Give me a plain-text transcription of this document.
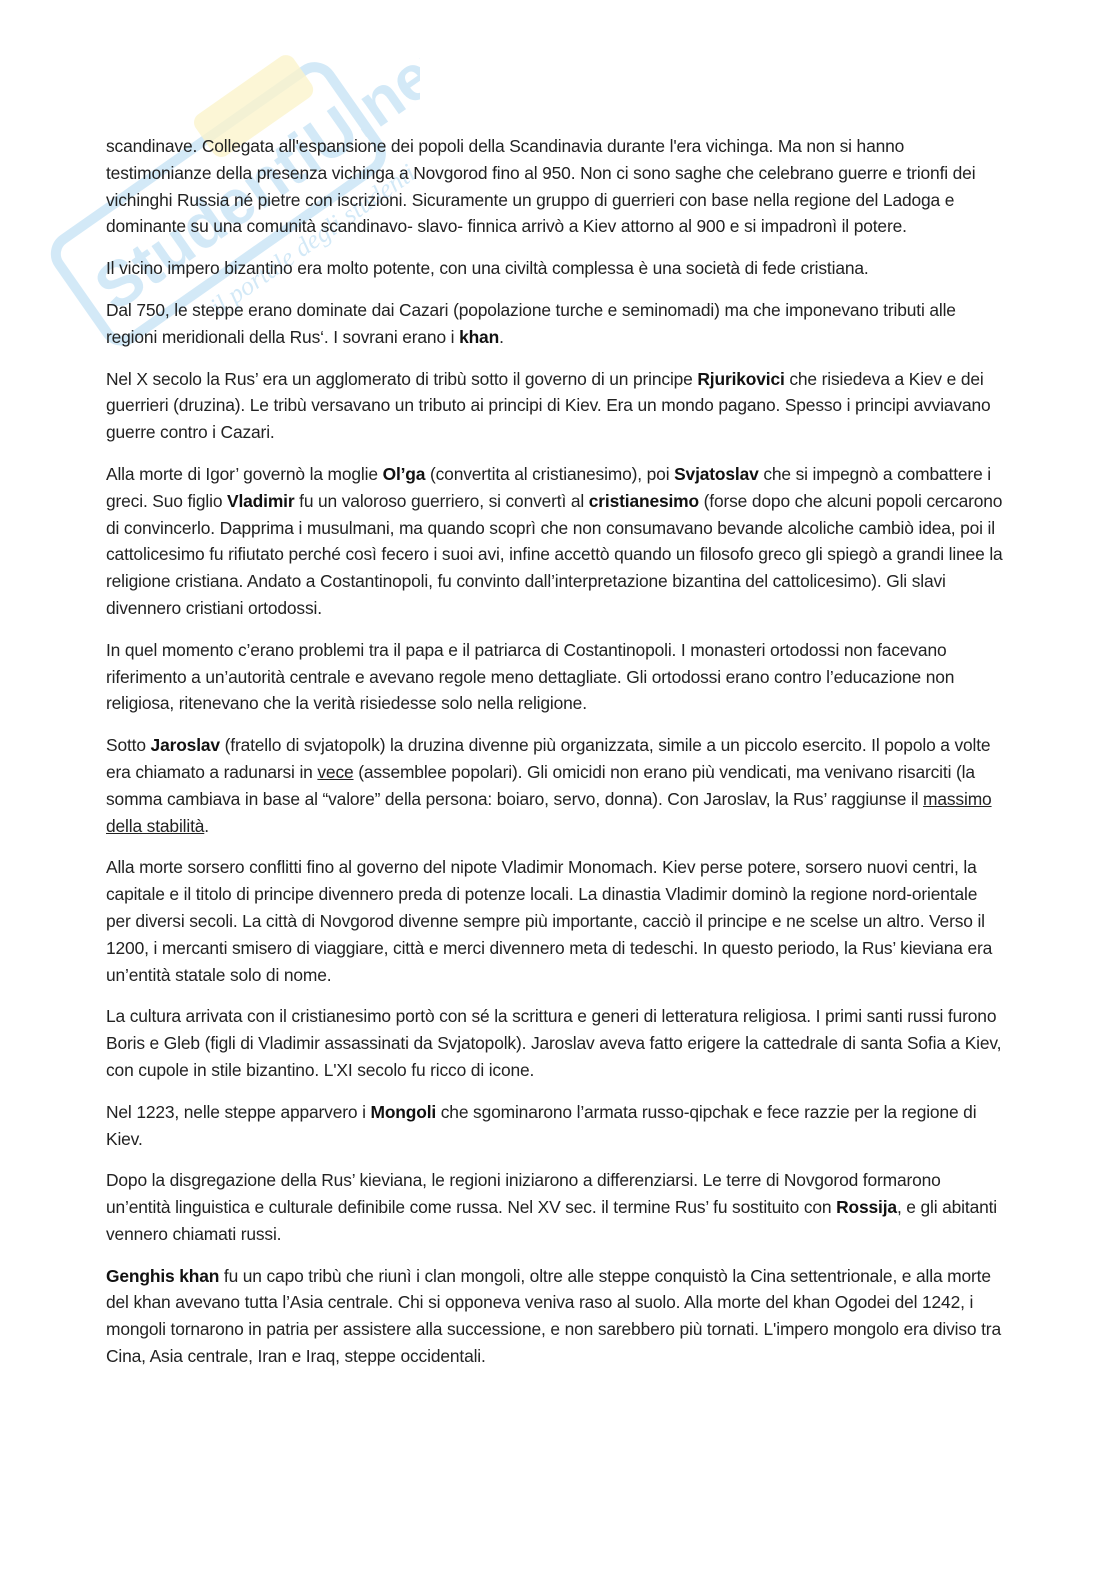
StudentiU.net
il portale degli studenti

scandinave. Collegata all'espansione dei popoli della Scandinavia durante l'era vichinga. Ma non si hanno testimonianze della presenza vichinga a Novgorod fino al 950. Non ci sono saghe che celebrano guerre e trionfi dei vichinghi Russia né pietre con iscrizioni. Sicuramente un gruppo di guerrieri con base nella regione del Ladoga e dominante su una comunità scandinavo- slavo- finnica arrivò a Kiev attorno al 900 e si impadronì il potere.

Il vicino impero bizantino era molto potente, con una civiltà complessa è una società di fede cristiana.

Dal 750, le steppe erano dominate dai Cazari (popolazione turche e seminomadi) ma che imponevano tributi alle regioni meridionali della Rus‘. I sovrani erano i khan.

Nel X secolo la Rus’ era un agglomerato di tribù sotto il governo di un principe Rjurikovici che risiedeva a Kiev e dei guerrieri (druzina). Le tribù versavano un tributo ai principi di Kiev. Era un mondo pagano. Spesso i principi avviavano guerre contro i Cazari.

Alla morte di Igor’ governò la moglie Ol’ga (convertita al cristianesimo), poi Svjatoslav che si impegnò a combattere i greci. Suo figlio Vladimir fu un valoroso guerriero, si convertì al cristianesimo (forse dopo che alcuni popoli cercarono di convincerlo. Dapprima i musulmani, ma quando scoprì che non consumavano bevande alcoliche cambiò idea, poi il cattolicesimo fu rifiutato perché così fecero i suoi avi, infine accettò quando un filosofo greco gli spiegò a grandi linee la religione cristiana. Andato a Costantinopoli, fu convinto dall’interpretazione bizantina del cattolicesimo). Gli slavi divennero cristiani ortodossi.

In quel momento c’erano problemi tra il papa e il patriarca di Costantinopoli. I monasteri ortodossi non facevano riferimento a un’autorità centrale e avevano regole meno dettagliate. Gli ortodossi erano contro l’educazione non religiosa, ritenevano che la verità risiedesse solo nella religione.

Sotto Jaroslav (fratello di svjatopolk) la druzina divenne più organizzata, simile a un piccolo esercito. Il popolo a volte era chiamato a radunarsi in vece (assemblee popolari). Gli omicidi non erano più vendicati, ma venivano risarciti (la somma cambiava in base al “valore” della persona: boiaro, servo, donna). Con Jaroslav, la Rus’ raggiunse il massimo della stabilità.

Alla morte sorsero conflitti fino al governo del nipote Vladimir Monomach. Kiev perse potere, sorsero nuovi centri, la capitale e il titolo di principe divennero preda di potenze locali. La dinastia Vladimir dominò la regione nord-orientale per diversi secoli. La città di Novgorod divenne sempre più importante, cacciò il principe e ne scelse un altro. Verso il 1200, i mercanti smisero di viaggiare, città e merci divennero meta di tedeschi. In questo periodo, la Rus’ kieviana era un’entità statale solo di nome.

La cultura arrivata con il cristianesimo portò con sé la scrittura e generi di letteratura religiosa. I primi santi russi furono Boris e Gleb (figli di Vladimir assassinati da Svjatopolk). Jaroslav aveva fatto erigere la cattedrale di santa Sofia a Kiev, con cupole in stile bizantino. L'XI secolo fu ricco di icone.

Nel 1223, nelle steppe apparvero i Mongoli che sgominarono l’armata russo-qipchak e fece razzie per la regione di Kiev.

Dopo la disgregazione della Rus’ kieviana, le regioni iniziarono a differenziarsi. Le terre di Novgorod formarono un’entità linguistica e culturale definibile come russa. Nel XV sec. il termine Rus’ fu sostituito con Rossija, e gli abitanti vennero chiamati russi.

Genghis khan fu un capo tribù che riunì i clan mongoli, oltre alle steppe conquistò la Cina settentrionale, e alla morte del khan avevano tutta l’Asia centrale. Chi si opponeva veniva raso al suolo. Alla morte del khan Ogodei del 1242, i mongoli tornarono in patria per assistere alla successione, e non sarebbero più tornati. L'impero mongolo era diviso tra Cina, Asia centrale, Iran e Iraq, steppe occidentali.
